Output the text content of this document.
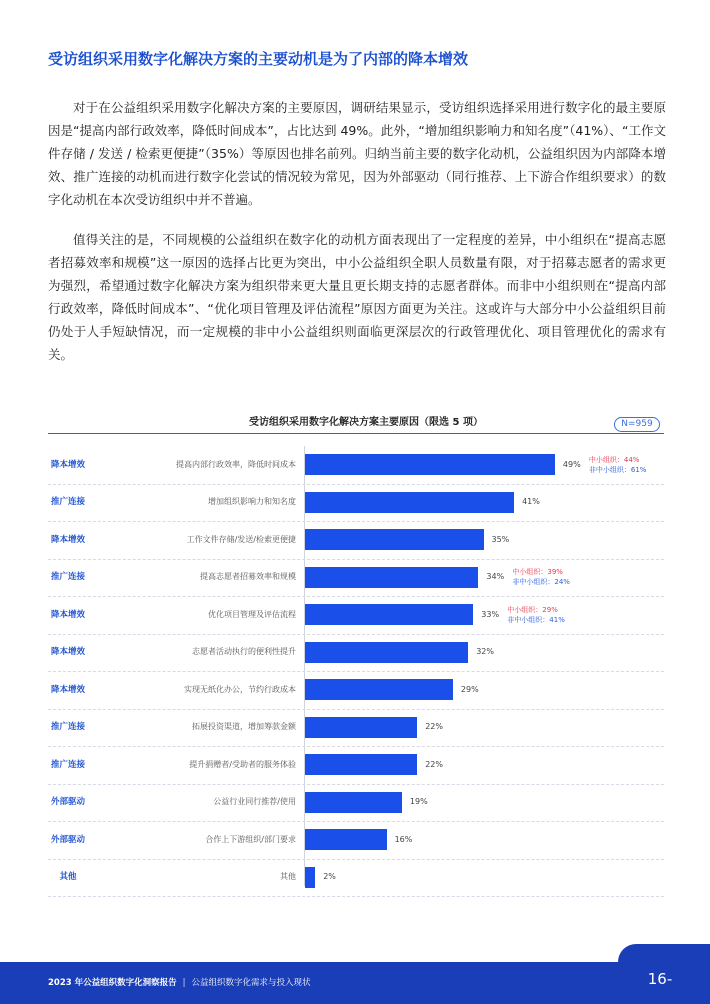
受访组织采用数字化解决方案的主要动机是为了内部的降本增效

对于在公益组织采用数字化解决方案的主要原因，调研结果显示，受访组织选择采用进行数字化的最主要原因是“提高内部行政效率，降低时间成本”，占比达到 49%。此外，“增加组织影响力和知名度”（41%）、“工作文件存储 / 发送 / 检索更便捷”（35%）等原因也排名前列。归纳当前主要的数字化动机，公益组织因为内部降本增效、推广连接的动机而进行数字化尝试的情况较为常见，因为外部驱动（同行推荐、上下游合作组织要求）的数字化动机在本次受访组织中并不普遍。

值得关注的是，不同规模的公益组织在数字化的动机方面表现出了一定程度的差异，中小组织在“提高志愿者招募效率和规模”这一原因的选择占比更为突出，中小公益组织全职人员数量有限，对于招募志愿者的需求更为强烈，希望通过数字化解决方案为组织带来更大量且更长期支持的志愿者群体。而非中小组织则在“提高内部行政效率，降低时间成本”、“优化项目管理及评估流程”原因方面更为关注。这或许与大部分中小公益组织目前仍处于人手短缺情况，而一定规模的非中小公益组织则面临更深层次的行政管理优化、项目管理优化的需求有关。

受访组织采用数字化解决方案主要原因（限选 5 项）	N=959
降本增效	提高内部行政效率，降低时间成本	49% 中小组织：44%
非中小组织：61%
推广连接	增加组织影响力和知名度	41%
降本增效	工作文件存储/发送/检索更便捷	35%
推广连接	提高志愿者招募效率和规模	34% 中小组织：39%
非中小组织：24%
降本增效	优化项目管理及评估流程	33% 中小组织：29%
非中小组织：41%
降本增效	志愿者活动执行的便利性提升	32%
降本增效	实现无纸化办公，节约行政成本	29%
推广连接	拓展投资渠道，增加筹款金额	22%
推广连接	提升捐赠者/受助者的服务体验	22%
外部驱动	公益行业同行推荐/使用	19%
外部驱动	合作上下游组织/部门要求	16%
其他	其他	2%
2023 年公益组织数字化洞察报告 | 公益组织数字化需求与投入现状	16-
